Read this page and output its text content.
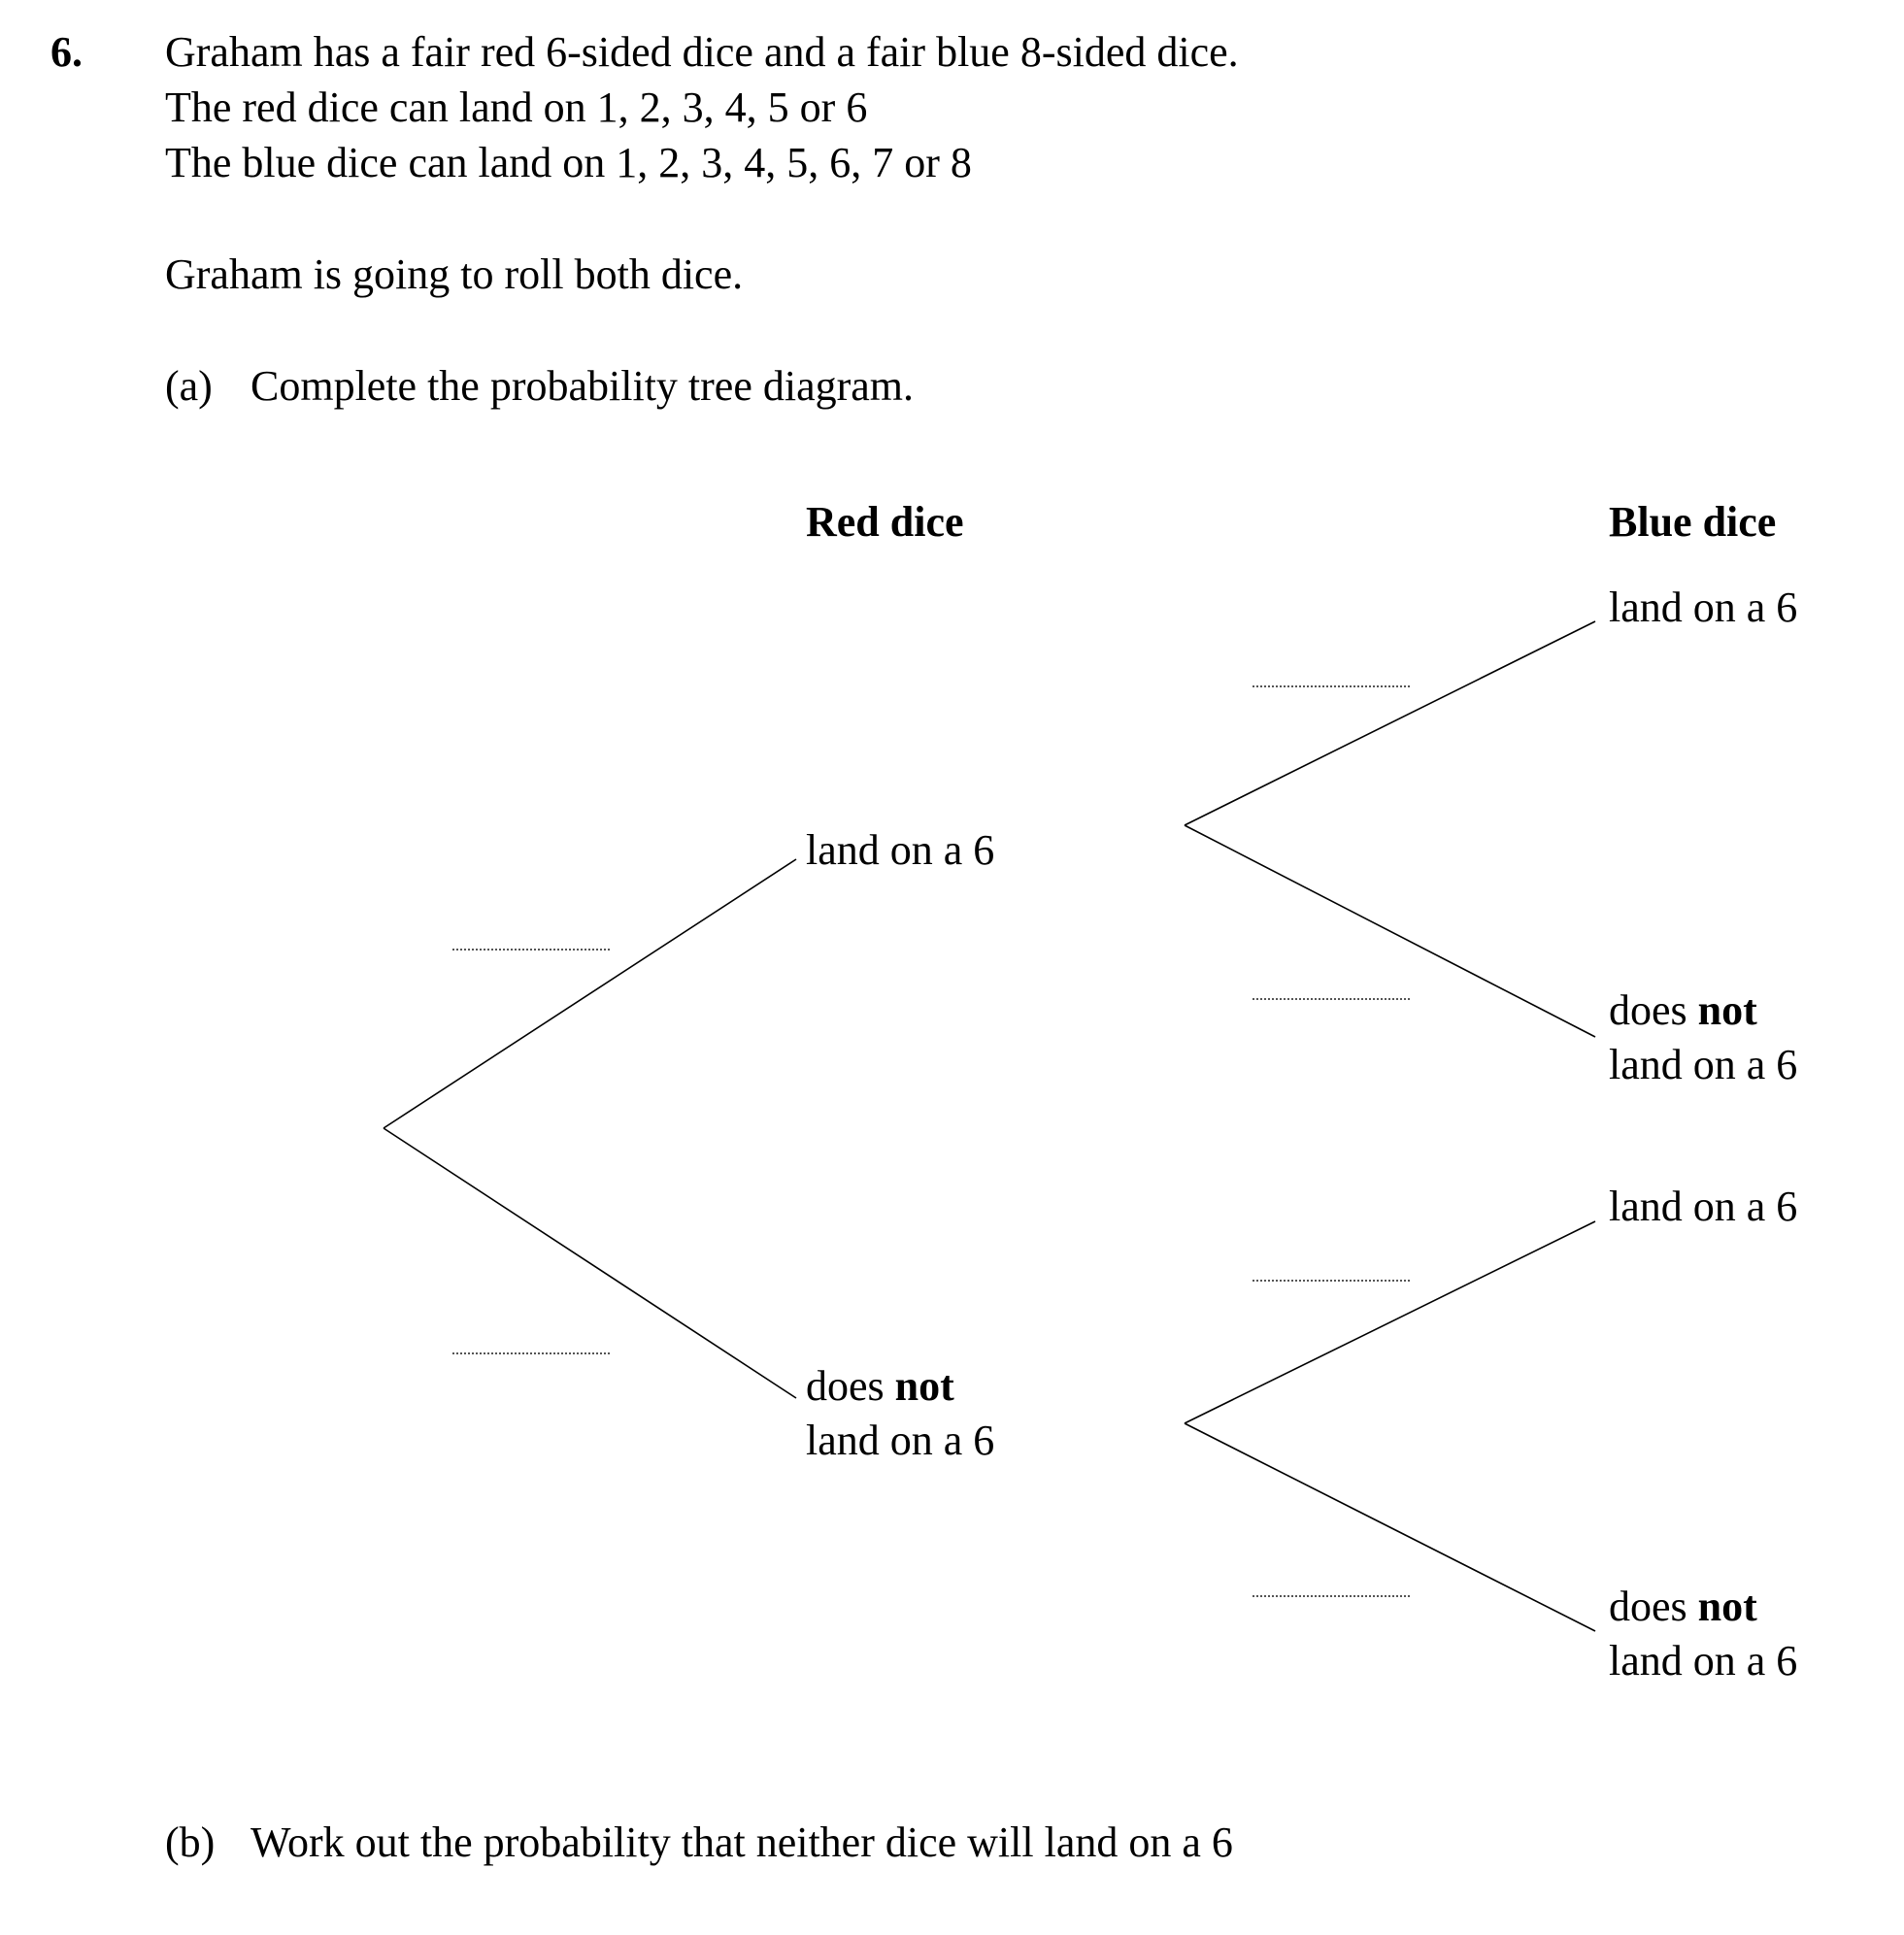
6. Graham has a fair red 6-sided dice and a fair blue 8-sided dice.
The red dice can land on 1, 2, 3, 4, 5 or 6
The blue dice can land on 1, 2, 3, 4, 5, 6, 7 or 8
Graham is going to roll both dice.
(a) Complete the probability tree diagram.
Red dice	Blue dice
land on a 6
does not
land on a 6
land on a 6
does not
land on a 6
land on a 6
does not
land on a 6
(b) Work out the probability that neither dice will land on a 6
